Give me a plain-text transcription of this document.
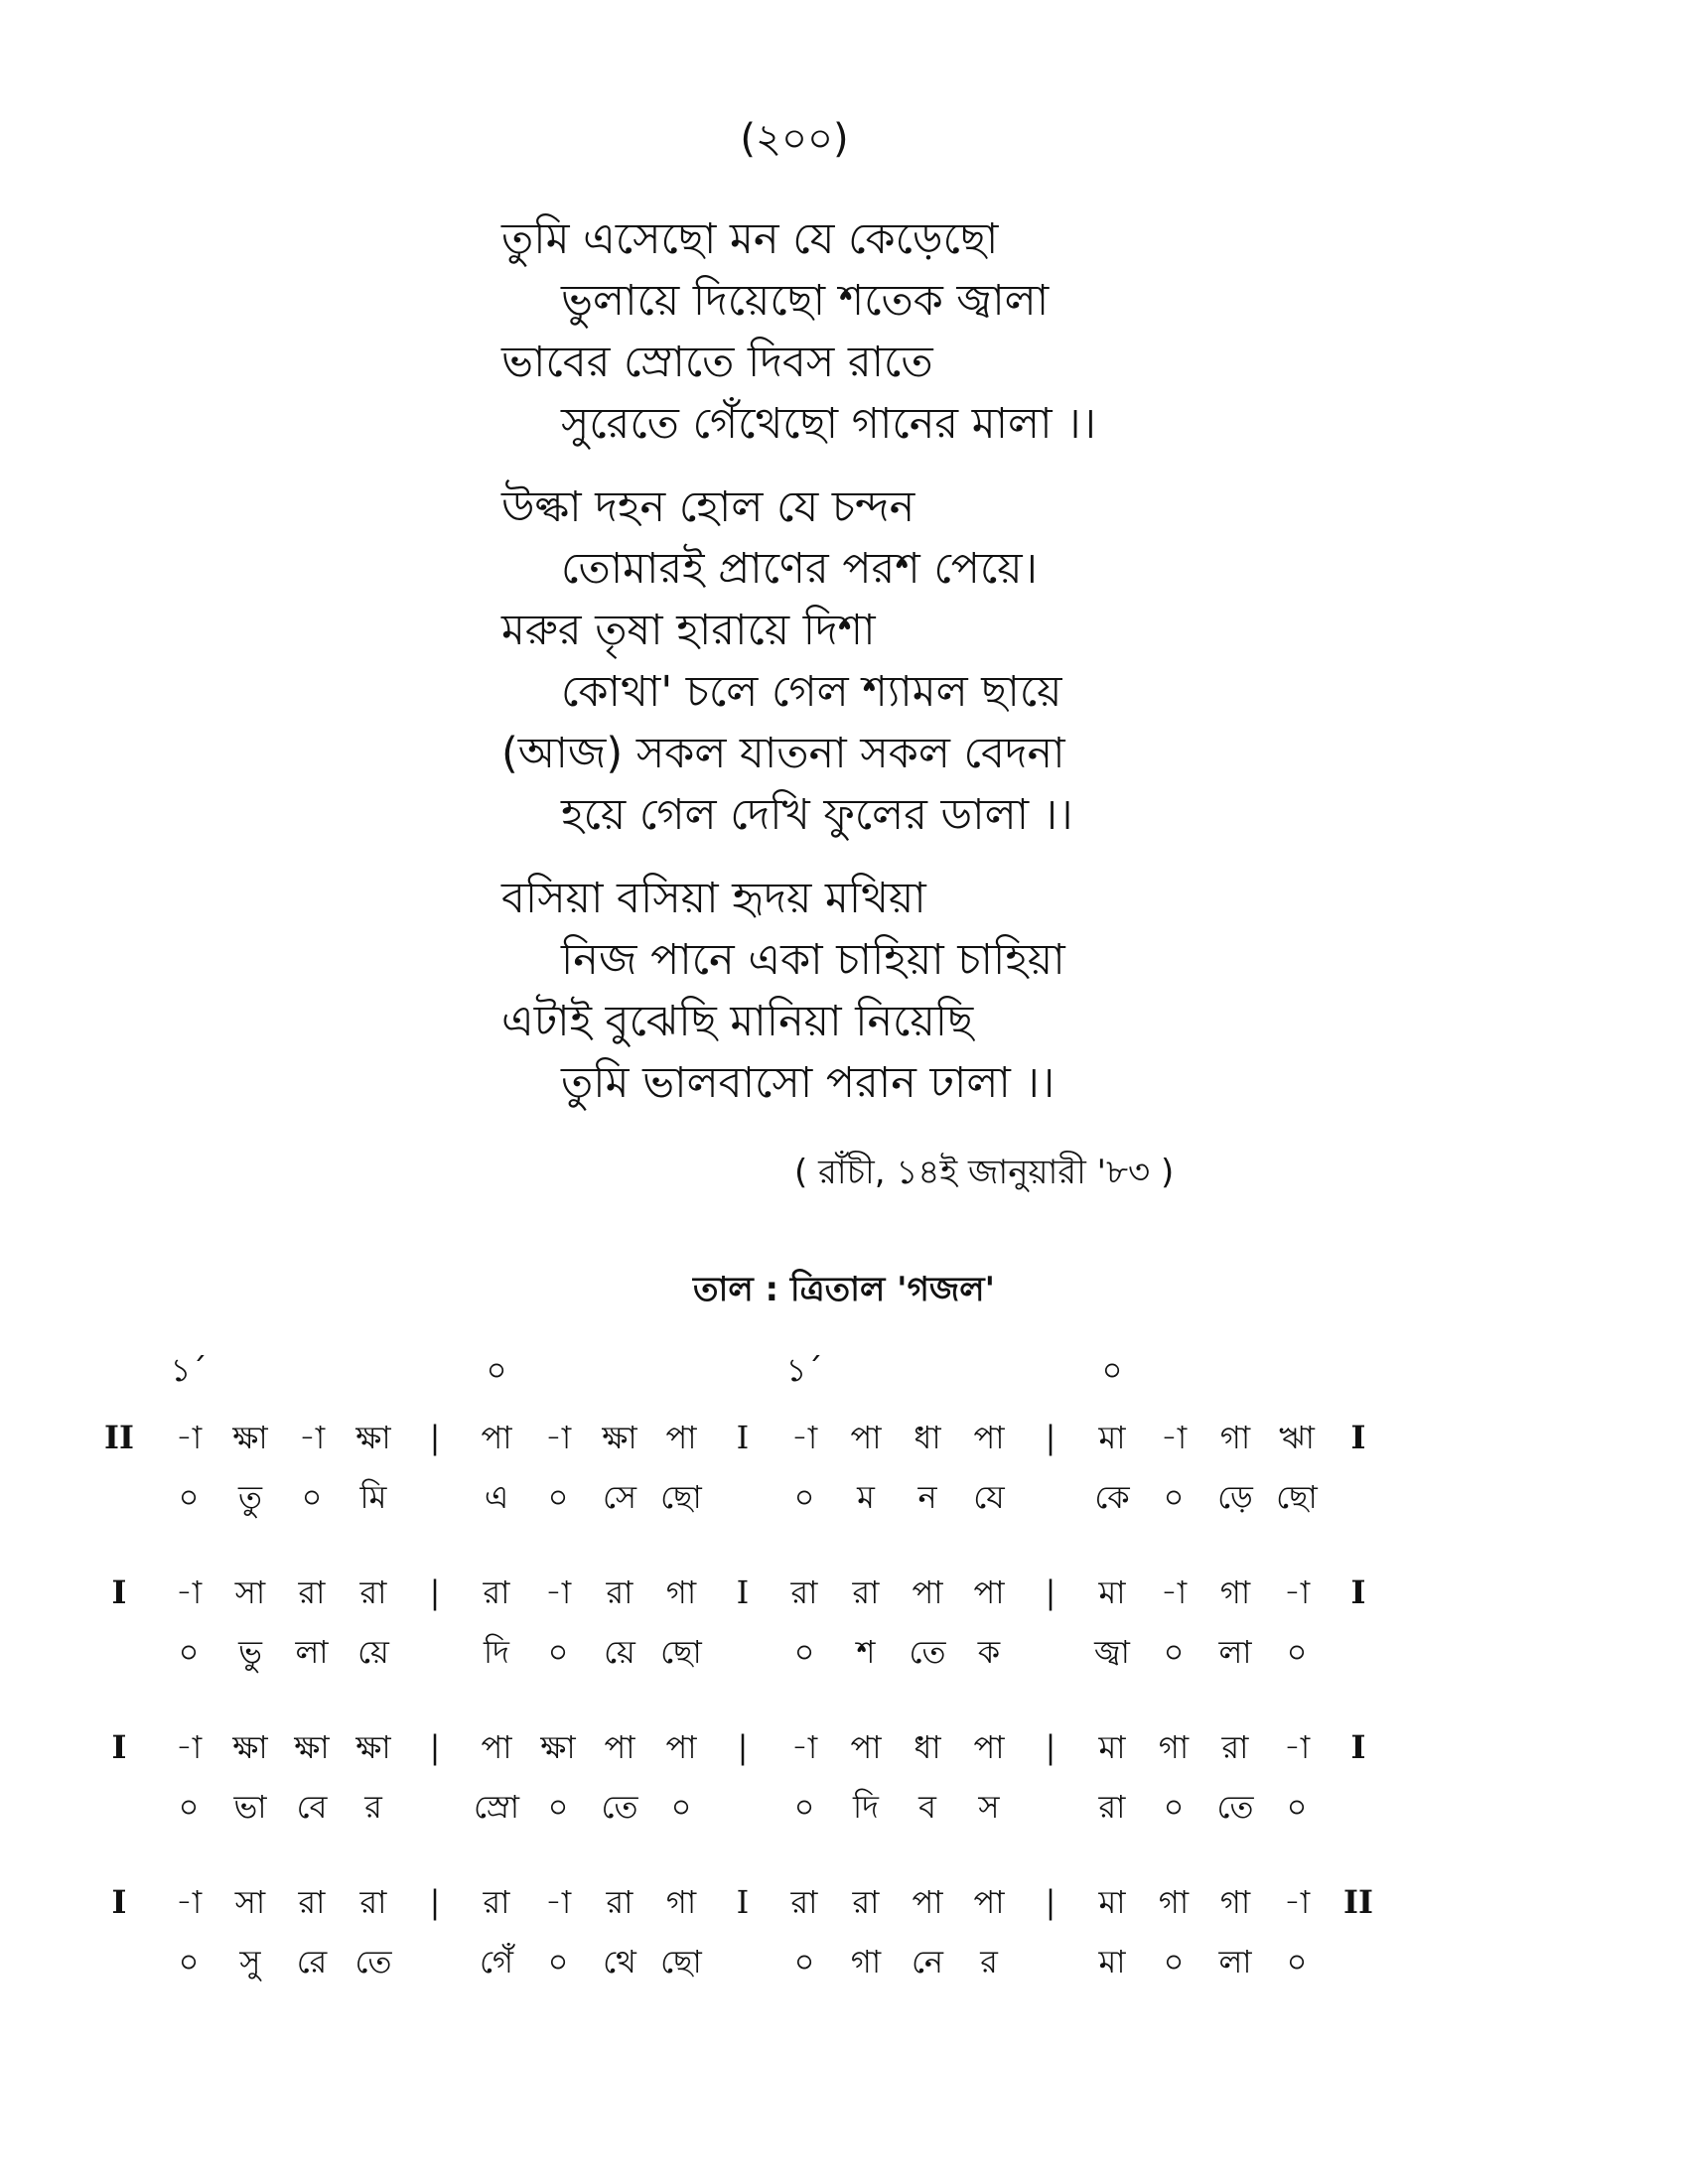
(২০০)
তুমি এসেছো মন যে কেড়েছো
ভুলায়ে দিয়েছো শতেক জ্বালা
ভাবের স্রোতে দিবস রাতে
সুরেতে গেঁথেছো গানের মালা ।।
উল্কা দহন হোল যে চন্দন
তোমারই প্রাণের পরশ পেয়ে।
মরুর তৃষা হারায়ে দিশা
কোথা' চলে গেল শ্যামল ছায়ে
(আজ) সকল যাতনা সকল বেদনা
হয়ে গেল দেখি ফুলের ডালা ।।
বসিয়া বসিয়া হৃদয় মথিয়া
নিজ পানে একা চাহিয়া চাহিয়া
এটাই বুঝেছি মানিয়া নিয়েছি
তুমি ভালবাসো পরান ঢালা ।।
( রাঁচী, ১৪ই জানুয়ারী '৮৩ )
তাল : ত্রিতাল 'গজল'
১´	০	১´	০
II	-া ক্ষা -া ক্ষা	|	পা	-া ক্ষা পা	I	-া	পা	ধা	পা	|	মা	-া	গা ঋা	I
০	তু	০	মি	এ	০	সে ছো	০	ম	ন	যে	কে	০	ড়ে ছো
I	-া	সা	রা	রা	|	রা	-া	রা	গা	I	রা	রা	পা পা	|	মা	-া	গা	-া	I
০	ভু	লা য়ে	দি	০	য়ে ছো	০	শ	তে	ক	জ্বা	০	লা	০
I	-া ক্ষা ক্ষা ক্ষা	|	পা ক্ষা পা পা	|	-া	পা	ধা	পা	|	মা	গা	রা	-া	I
০	ভা বে	র	স্রো ০	তে	০	০	দি	ব	স	রা	০	তে	০
I	-া	সা	রা	রা	|	রা	-া	রা	গা	I	রা	রা	পা পা	|	মা	গা গা	-া	II
০	সু	রে তে	গেঁ	০	থে ছো	০	গা নে	র	মা	০	লা	০
